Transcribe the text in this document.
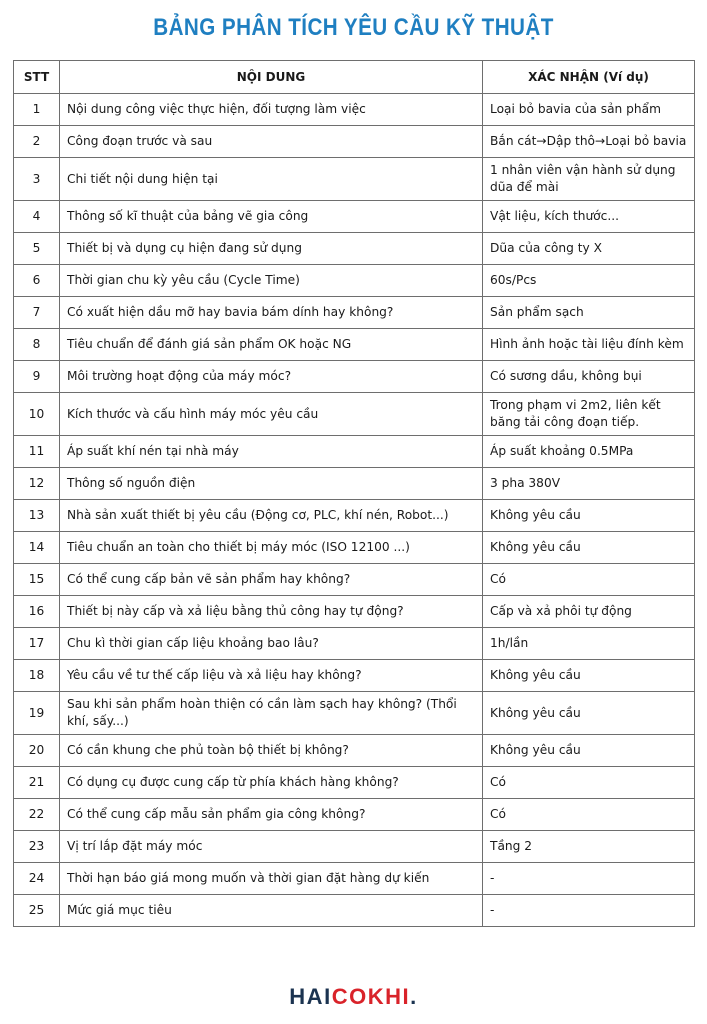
BẢNG PHÂN TÍCH YÊU CẦU KỸ THUẬT
STT	NỘI DUNG	XÁC NHẬN (Ví dụ)
1	Nội dung công việc thực hiện, đối tượng làm việc	Loại bỏ bavia của sản phẩm
2	Công đoạn trước và sau	Bắn cát→Dập thô→Loại bỏ bavia
3	Chi tiết nội dung hiện tại	1 nhân viên vận hành sử dụng dũa để mài
4	Thông số kĩ thuật của bảng vẽ gia công	Vật liệu, kích thước...
5	Thiết bị và dụng cụ hiện đang sử dụng	Dũa của công ty X
6	Thời gian chu kỳ yêu cầu (Cycle Time)	60s/Pcs
7	Có xuất hiện dầu mỡ hay bavia bám dính hay không?	Sản phẩm sạch
8	Tiêu chuẩn để đánh giá sản phẩm OK hoặc NG	Hình ảnh hoặc tài liệu đính kèm
9	Môi trường hoạt động của máy móc?	Có sương dầu, không bụi
10	Kích thước và cấu hình máy móc yêu cầu	Trong phạm vi 2m2, liên kết băng tải công đoạn tiếp.
11	Áp suất khí nén tại nhà máy	Áp suất khoảng 0.5MPa
12	Thông số nguồn điện	3 pha 380V
13	Nhà sản xuất thiết bị yêu cầu (Động cơ, PLC, khí nén, Robot...)	Không yêu cầu
14	Tiêu chuẩn an toàn cho thiết bị máy móc (ISO 12100 ...)	Không yêu cầu
15	Có thể cung cấp bản vẽ sản phẩm hay không?	Có
16	Thiết bị này cấp và xả liệu bằng thủ công hay tự động?	Cấp và xả phôi tự động
17	Chu kì thời gian cấp liệu khoảng bao lâu?	1h/lần
18	Yêu cầu về tư thế cấp liệu và xả liệu hay không?	Không yêu cầu
19	Sau khi sản phẩm hoàn thiện có cần làm sạch hay không? (Thổi khí, sấy...)	Không yêu cầu
20	Có cần khung che phủ toàn bộ thiết bị không?	Không yêu cầu
21	Có dụng cụ được cung cấp từ phía khách hàng không?	Có
22	Có thể cung cấp mẫu sản phẩm gia công không?	Có
23	Vị trí lắp đặt máy móc	Tầng 2
24	Thời hạn báo giá mong muốn và thời gian đặt hàng dự kiến	-
25	Mức giá mục tiêu	-
HAICOKHI.
